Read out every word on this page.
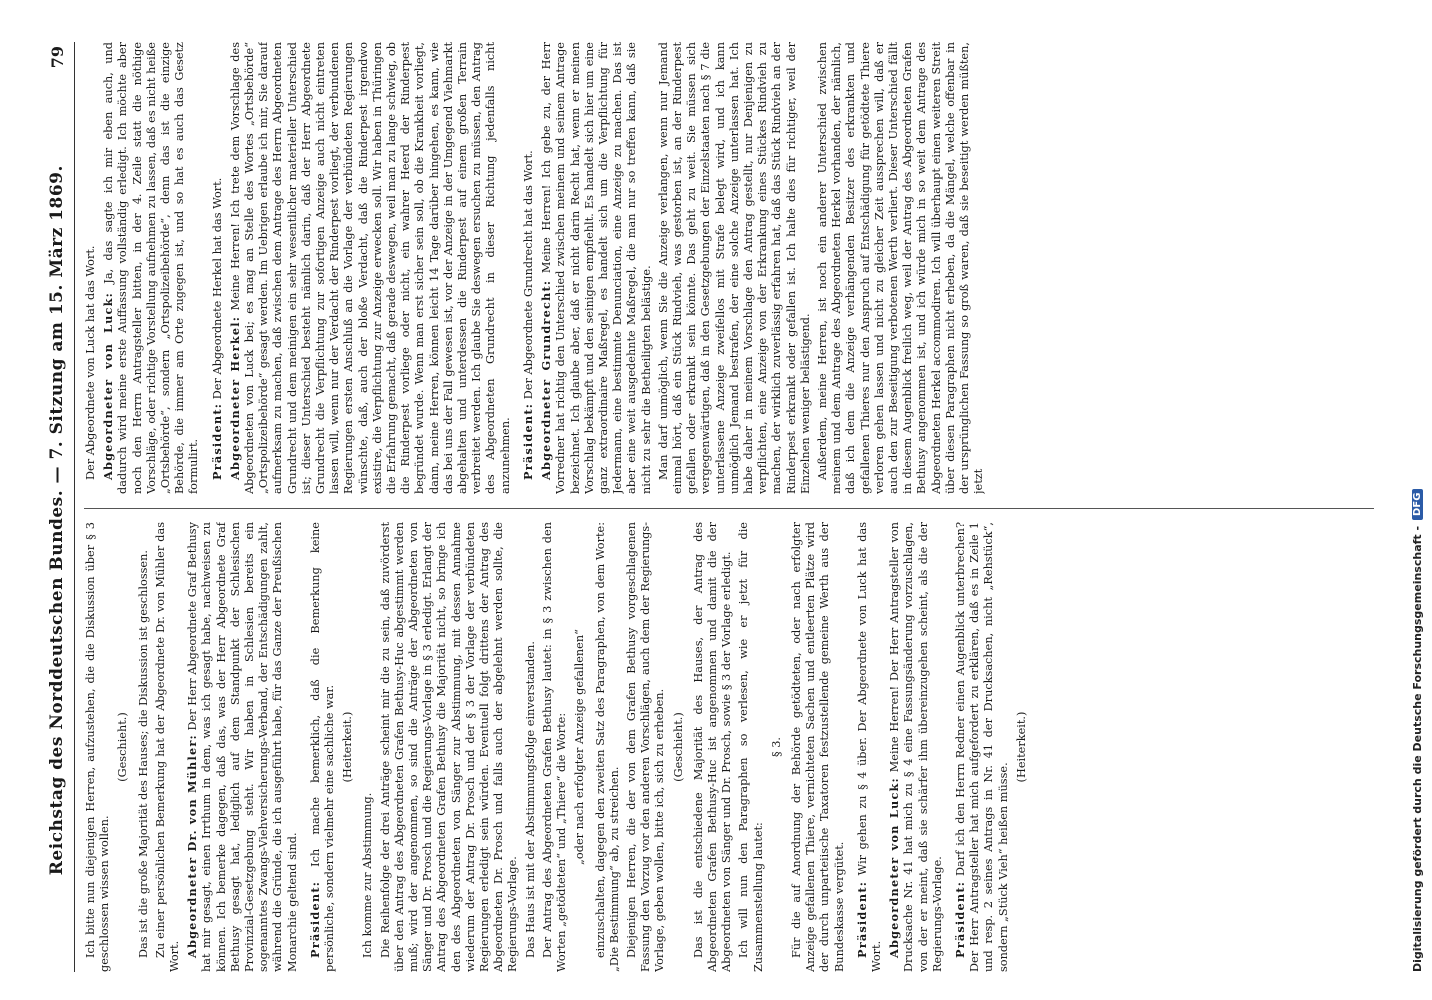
Reichstag des Norddeutschen Bundes. — 7. Sitzung am 15. März 1869.
79

Ich bitte nun diejenigen Herren, aufzustehen, die die Diskussion über § 3 geschlossen wissen wollen.

(Geschieht.) Das ist die große Majorität des Hauses; die Diskussion ist geschlossen. Zu einer persönlichen Bemerkung hat der Abgeordnete Dr. von Mühler das Wort. Abgeordneter Dr. von Mühler: Der Herr Abgeordnete Graf Bethusy hat mir gesagt, einen Irrthum in dem, was ich gesagt habe, nachweisen zu können. Ich bemerke dagegen, daß das, was der Herr Abgeordnete Graf Bethusy gesagt hat, lediglich auf dem Standpunkt der Schlesischen Provinzial-Gesetzgebung steht. Wir haben in Schlesien bereits ein sogenanntes Zwangs-Viehversicherungs-Verband, der Entschädigungen zahlt, während die Gründe, die ich ausgeführt habe, für das Ganze der Preußischen Monarchie geltend sind. Präsident: Ich mache bemerklich, daß die Bemerkung keine persönliche, sondern vielmehr eine sachliche war. (Heiterkeit.)

Ich komme zur Abstimmung. Die Reihenfolge der drei Anträge scheint mir die zu sein, daß zuvörderst über den Antrag des Abgeordneten Grafen Bethusy-Huc abgestimmt werden muß; wird der angenommen, so sind die Anträge der Abgeordneten von Sänger und Dr. Prosch und die Regierungs-Vorlage in § 3 erledigt. Erlangt der Antrag des Abgeordneten Grafen Bethusy die Majorität nicht, so bringe ich den des Abgeordneten von Sänger zur Abstimmung, mit dessen Annahme wiederum der Antrag Dr. Prosch und der § 3 der Vorlage der verbündeten Regierungen erledigt sein würden. Eventuell folgt drittens der Antrag des Abgeordneten Dr. Prosch und falls auch der abgelehnt werden sollte, die Regierungs-Vorlage. Das Haus ist mit der Abstimmungsfolge einverstanden. Der Antrag des Abgeordneten Grafen Bethusy lautet: in § 3 zwischen den Worten „getödteten“ und „Thiere“ die Worte: „oder nach erfolgter Anzeige gefallenen“ einzuschalten, dagegen den zweiten Satz des Paragraphen, von dem Worte: „Die Bestimmung“ ab, zu streichen. Diejenigen Herren, die der von dem Grafen Bethusy vorgeschlagenen Fassung den Vorzug vor den anderen Vorschlägen, auch dem der Regierungs-Vorlage, geben wollen, bitte ich, sich zu erheben. (Geschieht.) Das ist die entschiedene Majorität des Hauses, der Antrag des Abgeordneten Grafen Bethusy-Huc ist angenommen und damit die der Abgeordneten von Sänger und Dr. Prosch, sowie § 3 der Vorlage erledigt. Ich will nun den Paragraphen so verlesen, wie er jetzt für die Zusammenstellung lautet:

§ 3. Für die auf Anordnung der Behörde getödteten, oder nach erfolgter Anzeige gefallenen Thiere, vernichteten Sachen und entleerten Plätze wird der durch unparteiische Taxatoren festzustellende gemeine Werth aus der Bundeskasse vergütet. Präsident: Wir gehen zu § 4 über. Der Abgeordnete von Luck hat das Wort. Abgeordneter von Luck: Meine Herren! Der Herr Antragsteller von Drucksache Nr. 41 hat mich zu § 4 eine Fassungsänderung vorzuschlagen, von der er meint, daß sie schärfer ihm übereinzugehen scheint, als die der Regierungs-Vorlage. Präsident: Darf ich den Herrn Redner einen Augenblick unterbrechen? Der Herr Antragsteller hat mich aufgefordert zu erklären, daß es in Zeile 1 und resp. 2 seines Antrags in Nr. 41 der Drucksachen, nicht „Rehstück“, sondern „Stück Vieh“ heißen müsse.

(Heiterkeit.)

Der Abgeordnete von Luck hat das Wort. Abgeordneter von Luck: Ja, das sagte ich mir eben auch, und dadurch wird meine erste Auffassung vollständig erledigt. Ich möchte aber noch den Herrn Antragsteller bitten, in der 4. Zeile statt die nöthige Vorschläge, oder richtige Vorstellung aufnehmen zu lassen, daß es nicht heiße „Ortsbehörde“, sondern „Ortspolizeibehörde“, denn das ist die einzige Behörde, die immer am Orte zugegen ist, und so hat es auch das Gesetz formulirt. Präsident: Der Abgeordnete Herkel hat das Wort. Abgeordneter Herkel: Meine Herren! Ich trete dem Vorschlage des Abgeordneten von Luck bei; es mag an Stelle des Wortes „Ortsbehörde“ „Ortspolizeibehörde“ gesagt werden. Im Uebrigen erlaube ich mir, Sie darauf aufmerksam zu machen, daß zwischen dem Antrage des Herrn Abgeordneten Grundrecht und dem meinigen ein sehr wesentlicher materieller Unterschied ist; dieser Unterschied besteht nämlich darin, daß der Herr Abgeordnete Grundrecht die Verpflichtung zur sofortigen Anzeige auch nicht eintreten lassen will, wenn nur der Verdacht der Rinderpest vorliegt, der verbundenen Regierungen ersten Anschluß an die Vorlage der verbündeten Regierungen wünschte, daß, auch der bloße Verdacht, daß die Rinderpest irgendwo existire, die Verpflichtung zur Anzeige erwecken soll. Wir haben in Thüringen die Erfahrung gemacht, daß gerade deswegen, weil man zu lange schwieg, ob die Rinderpest vorliege oder nicht, ein wahrer Heerd der Rinderpest begründet wurde. Wenn man erst sicher sein soll, ob die Krankheit vorliegt, dann, meine Herren, können leicht 14 Tage darüber hingehen, es kann, wie das bei uns der Fall gewesen ist, vor der Anzeige in der Umgegend Viehmarkt abgehalten und unterdessen die Rinderpest auf einem großen Terrain verbreitet werden. Ich glaube Sie deswegen ersuchen zu müssen, den Antrag des Abgeordneten Grundrecht in dieser Richtung jedenfalls nicht anzunehmen. Präsident: Der Abgeordnete Grundrecht hat das Wort. Abgeordneter Grundrecht: Meine Herren! Ich gebe zu, der Herr Vorredner hat richtig den Unterschied zwischen meinem und seinem Antrage bezeichnet. Ich glaube aber, daß er nicht darin Recht hat, wenn er meinen Vorschlag bekämpft und den seinigen empfiehlt. Es handelt sich hier um eine ganz extraordinaire Maßregel, es handelt sich um die Verpflichtung für Jedermann, eine bestimmte Denunciation, eine Anzeige zu machen. Das ist aber eine weit ausgedehnte Maßregel, die man nur so treffen kann, daß sie nicht zu sehr die Betheiligten belästige. Man darf unmöglich, wenn Sie die Anzeige verlangen, wenn nur Jemand einmal hört, daß ein Stück Rindvieh, was gestorben ist, an der Rinderpest gefallen oder erkrankt sein könnte. Das geht zu weit. Sie müssen sich vergegenwärtigen, daß in den Gesetzgebungen der Einzelstaaten nach § 7 die unterlassene Anzeige zweifellos mit Strafe belegt wird, und ich kann unmöglich Jemand bestrafen, der eine solche Anzeige unterlassen hat. Ich habe daher in meinem Vorschlage den Antrag gestellt, nur Denjenigen zu verpflichten, eine Anzeige von der Erkrankung eines Stückes Rindvieh zu machen, der wirklich zuverlässig erfahren hat, daß das Stück Rindvieh an der Rinderpest erkrankt oder gefallen ist. Ich halte dies für richtiger, weil der Einzelnen weniger belästigend. Außerdem, meine Herren, ist noch ein anderer Unterschied zwischen meinem und dem Antrage des Abgeordneten Herkel vorhanden, der nämlich, daß ich dem die Anzeige verhängenden Besitzer des erkrankten und gefallenen Thieres nur den Anspruch auf Entschädigung für getödtete Thiere verloren gehen lassen und nicht zu gleicher Zeit aussprechen will, daß er auch den zur Beseitigung verbotenen Werth verliert. Dieser Unterschied fällt in diesem Augenblick freilich weg, weil der Antrag des Abgeordneten Grafen Bethusy angenommen ist, und ich würde mich in so weit dem Antrage des Abgeordneten Herkel accommodiren. Ich will überhaupt einen weiteren Streit über diesen Paragraphen nicht erheben, da die Mängel, welche offenbar in der ursprünglichen Fassung so groß waren, daß sie beseitigt werden müßten, jetzt

Digitalisierung gefördert durch die Deutsche Forschungsgemeinschaft -
DFG
